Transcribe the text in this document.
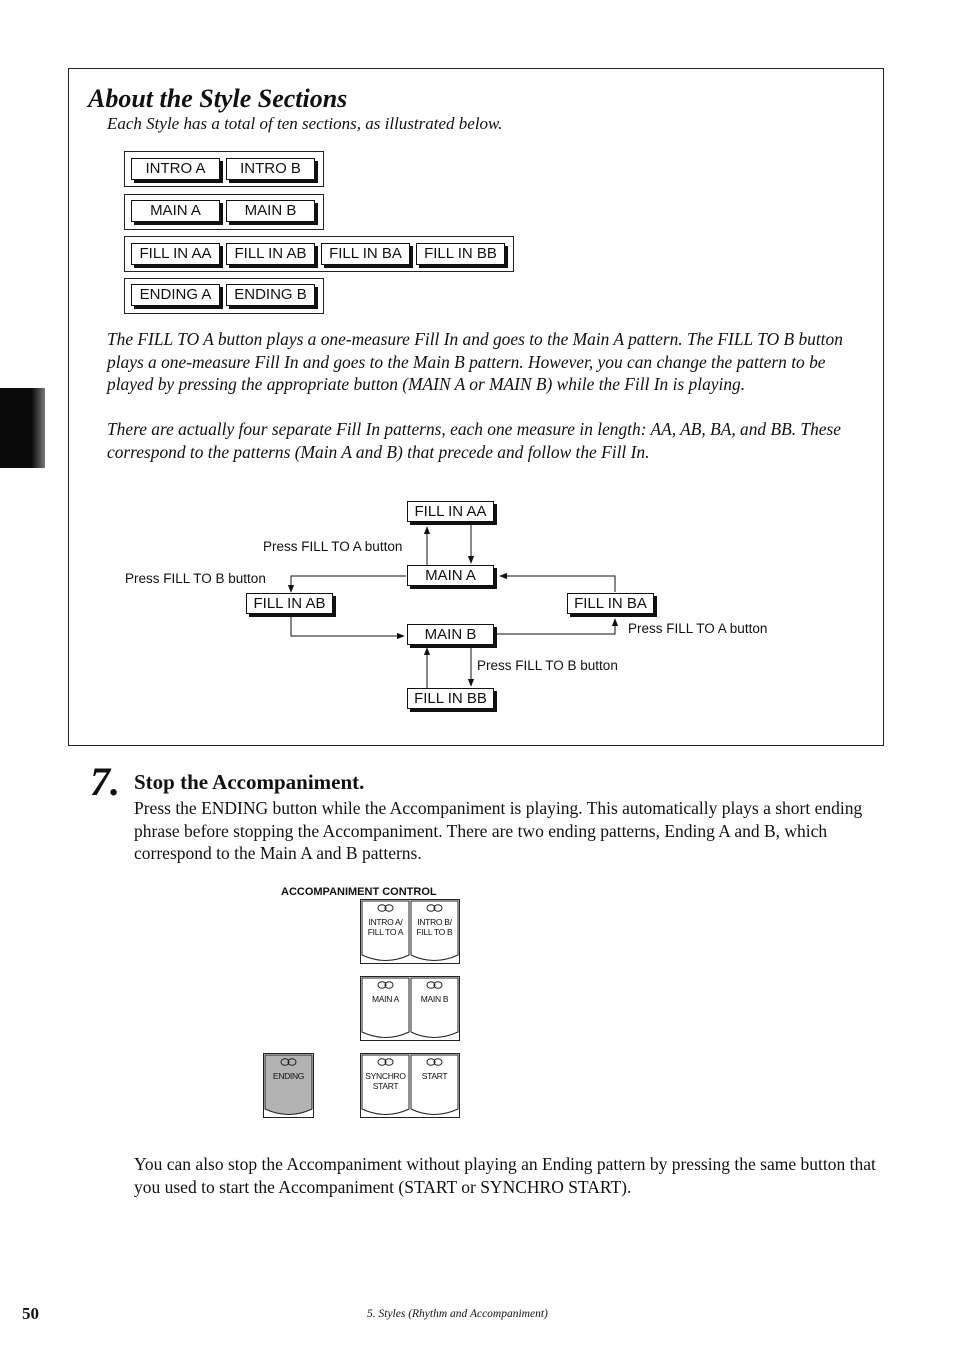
About the Style Sections
Each Style has a total of ten sections, as illustrated below.
INTRO A	INTRO B
MAIN A	MAIN B
FILL IN AA	FILL IN AB	FILL IN BA	FILL IN BB
ENDING A	ENDING B
The FILL TO A button plays a one-measure Fill In and goes to the Main A pattern. The FILL TO B button plays a one-measure Fill In and goes to the Main B pattern. However, you can change the pattern to be played by pressing the appropriate button (MAIN A or MAIN B) while the Fill In is playing.
There are actually four separate Fill In patterns, each one measure in length: AA, AB, BA, and BB. These correspond to the patterns (Main A and B) that precede and follow the Fill In.
FILL IN AA
MAIN A
FILL IN AB	FILL IN BA
MAIN B
FILL IN BB
Press FILL TO A button
Press FILL TO B button
Press FILL TO A button
Press FILL TO B button
7. Stop the Accompaniment.
Press the ENDING button while the Accompaniment is playing. This automatically plays a short ending phrase before stopping the Accompaniment. There are two ending patterns, Ending A and B, which correspond to the Main A and B patterns.
ACCOMPANIMENT CONTROL
INTRO A/
FILL TO A
INTRO B/
FILL TO B
MAIN A	MAIN B
SYNCHRO
START
START
ENDING
You can also stop the Accompaniment without playing an Ending pattern by pressing the same button that you used to start the Accompaniment (START or SYNCHRO START).
50	5. Styles (Rhythm and Accompaniment)
